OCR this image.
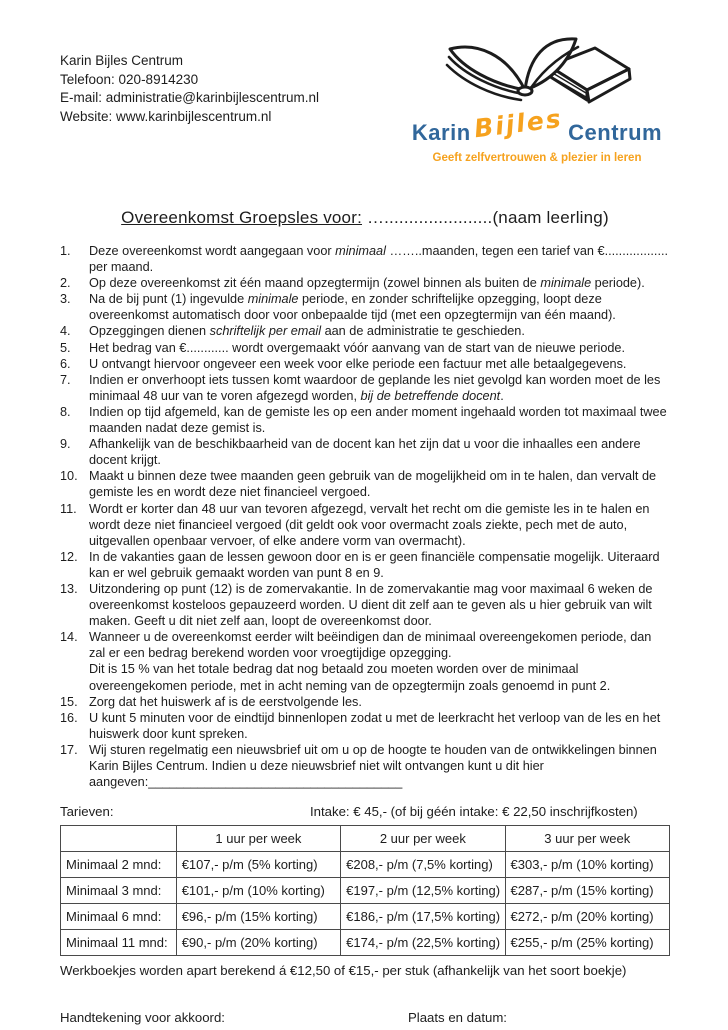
Karin Bijles Centrum
Telefoon: 020-8914230
E-mail: administratie@karinbijlescentrum.nl
Website: www.karinbijlescentrum.nl
Karin Bijles Centrum
Geeft zelfvertrouwen & plezier in leren
Overeenkomst Groepsles voor: …......................(naam leerling)
1.	Deze overeenkomst wordt aangegaan voor minimaal ……..maanden, tegen een tarief van €.................. per maand.
2.	Op deze overeenkomst zit één maand opzegtermijn (zowel binnen als buiten de minimale periode).
3.	Na de bij punt (1) ingevulde minimale periode, en zonder schriftelijke opzegging, loopt deze overeenkomst automatisch door voor onbepaalde tijd (met een opzegtermijn van één maand).
4.	Opzeggingen dienen schriftelijk per email aan de administratie te geschieden.
5.	Het bedrag van €............ wordt overgemaakt vóór aanvang van de start van de nieuwe periode.
6.	U ontvangt hiervoor ongeveer een week voor elke periode een factuur met alle betaalgegevens.
7.	Indien er onverhoopt iets tussen komt waardoor de geplande les niet gevolgd kan worden moet de les minimaal 48 uur van te voren afgezegd worden, bij de betreffende docent.
8.	Indien op tijd afgemeld, kan de gemiste les op een ander moment ingehaald worden tot maximaal twee maanden nadat deze gemist is.
9.	Afhankelijk van de beschikbaarheid van de docent kan het zijn dat u voor die inhaalles een andere docent krijgt.
10. Maakt u binnen deze twee maanden geen gebruik van de mogelijkheid om in te halen, dan vervalt de gemiste les en wordt deze niet financieel vergoed.
11. Wordt er korter dan 48 uur van tevoren afgezegd, vervalt het recht om die gemiste les in te halen en wordt deze niet financieel vergoed (dit geldt ook voor overmacht zoals ziekte, pech met de auto, uitgevallen openbaar vervoer, of elke andere vorm van overmacht).
12. In de vakanties gaan de lessen gewoon door en is er geen financiële compensatie mogelijk. Uiteraard kan er wel gebruik gemaakt worden van punt 8 en 9.
13. Uitzondering op punt (12) is de zomervakantie. In de zomervakantie mag voor maximaal 6 weken de overeenkomst kosteloos gepauzeerd worden. U dient dit zelf aan te geven als u hier gebruik van wilt maken. Geeft u dit niet zelf aan, loopt de overeenkomst door.
14. Wanneer u de overeenkomst eerder wilt beëindigen dan de minimaal overeengekomen periode, dan zal er een bedrag berekend worden voor vroegtijdige opzegging.
Dit is 15 % van het totale bedrag dat nog betaald zou moeten worden over de minimaal overeengekomen periode, met in acht neming van de opzegtermijn zoals genoemd in punt 2.
15. Zorg dat het huiswerk af is de eerstvolgende les.
16. U kunt 5 minuten voor de eindtijd binnenlopen zodat u met de leerkracht het verloop van de les en het huiswerk door kunt spreken.
17. Wij sturen regelmatig een nieuwsbrief uit om u op de hoogte te houden van de ontwikkelingen binnen Karin Bijles Centrum. Indien u deze nieuwsbrief niet wilt ontvangen kunt u dit hier aangeven:____________________________________
Tarieven:	Intake: € 45,- (of bij géén intake: € 22,50 inschrijfkosten)
	1 uur per week	2 uur per week	3 uur per week
Minimaal 2 mnd:	€107,- p/m (5% korting)	€208,- p/m (7,5% korting)	€303,- p/m (10% korting)
Minimaal 3 mnd:	€101,- p/m (10% korting)	€197,- p/m (12,5% korting)	€287,- p/m (15% korting)
Minimaal 6 mnd:	€96,- p/m (15% korting)	€186,- p/m (17,5% korting)	€272,- p/m (20% korting)
Minimaal 11 mnd:	€90,- p/m (20% korting)	€174,- p/m (22,5% korting)	€255,- p/m (25% korting)
Werkboekjes worden apart berekend á €12,50 of €15,- per stuk (afhankelijk van het soort boekje)
Handtekening voor akkoord:	Plaats en datum:
